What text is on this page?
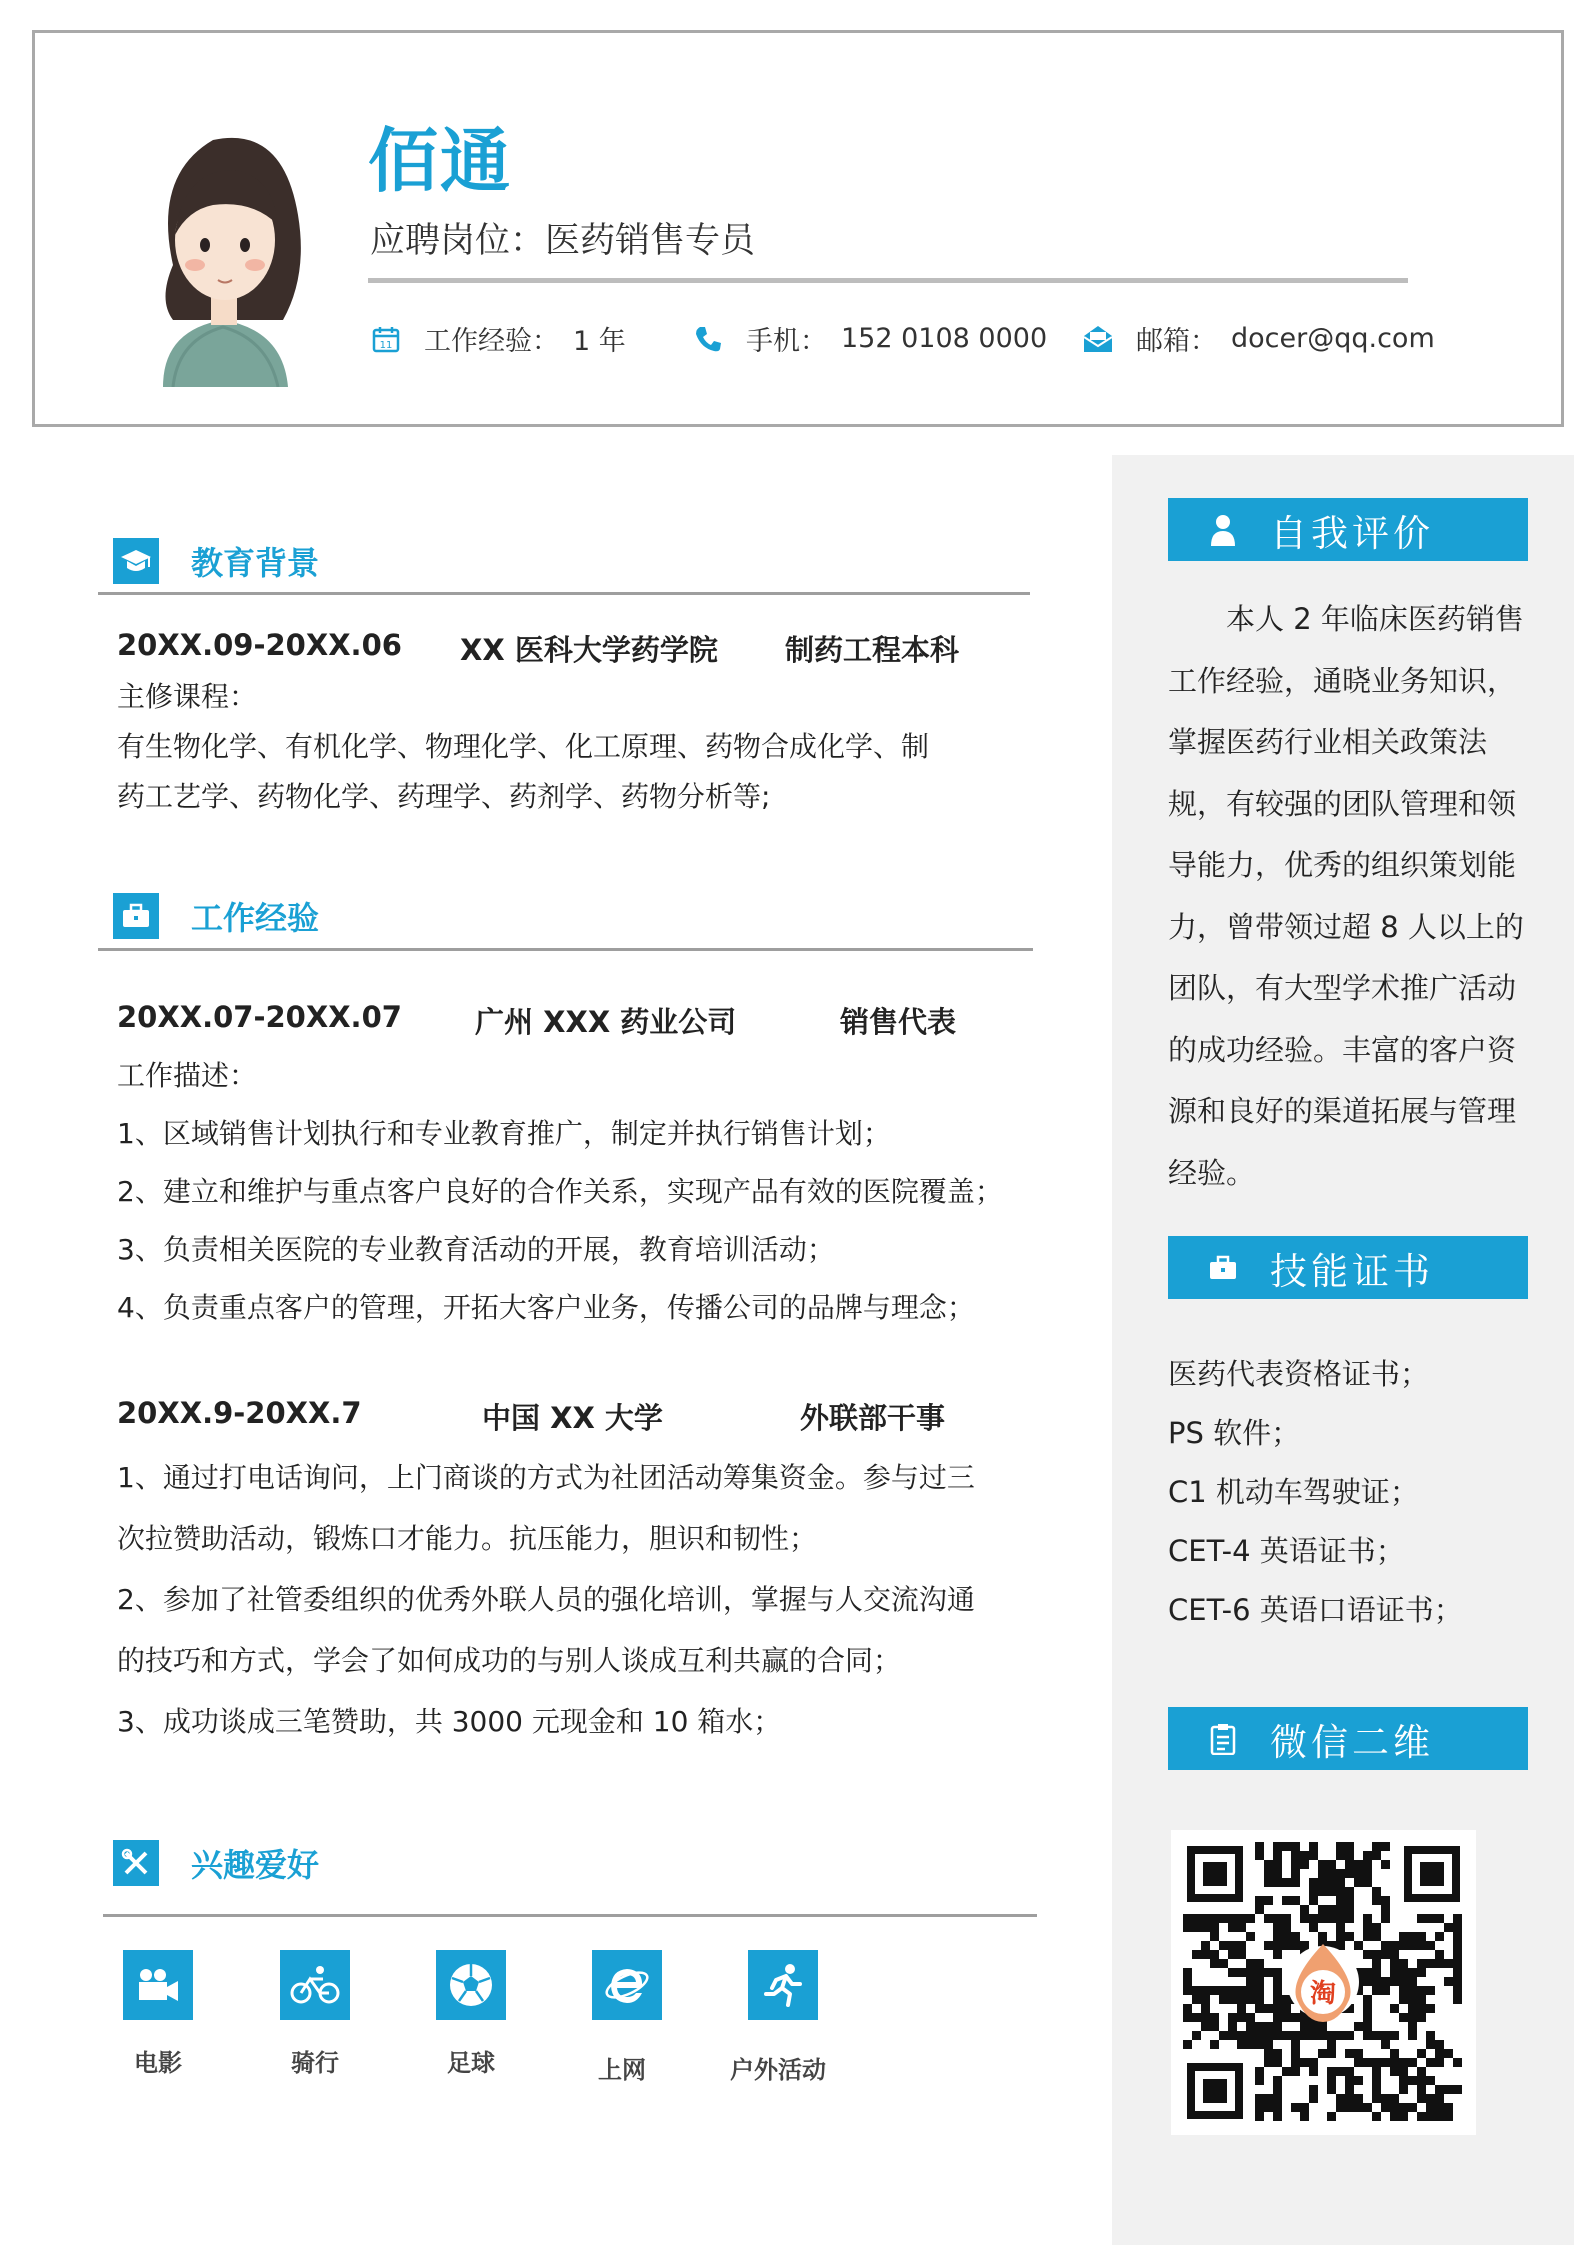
佰通
应聘岗位：医药销售专员
11 工作经验： 1 年	手机： 152 0108 0000	邮箱： docer@qq.com
教育背景
20XX.09-20XX.06 XX 医科大学药学院 制药工程本科
主修课程：
有生物化学、有机化学、物理化学、化工原理、药物合成化学、制
药工艺学、药物化学、药理学、药剂学、药物分析等;
工作经验
20XX.07-20XX.07	广州 XXX 药业公司	销售代表
工作描述：
1、区域销售计划执行和专业教育推广，制定并执行销售计划；
2、建立和维护与重点客户良好的合作关系，实现产品有效的医院覆盖；
3、负责相关医院的专业教育活动的开展，教育培训活动；
4、负责重点客户的管理，开拓大客户业务，传播公司的品牌与理念；
20XX.9-20XX.7	中国 XX 大学	外联部干事
1、通过打电话询问，上门商谈的方式为社团活动筹集资金。参与过三
次拉赞助活动，锻炼口才能力。抗压能力，胆识和韧性；
2、参加了社管委组织的优秀外联人员的强化培训，掌握与人交流沟通
的技巧和方式，学会了如何成功的与别人谈成互利共赢的合同；
3、成功谈成三笔赞助，共 3000 元现金和 10 箱水；
兴趣爱好
电影	骑行	足球	上网	户外活动
自我评价
　　本人 2 年临床医药销售
工作经验，通晓业务知识，
掌握医药行业相关政策法
规，有较强的团队管理和领
导能力，优秀的组织策划能
力，曾带领过超 8 人以上的
团队，有大型学术推广活动
的成功经验。丰富的客户资
源和良好的渠道拓展与管理
经验。
技能证书
医药代表资格证书；
PS 软件；
C1 机动车驾驶证；
CET-4 英语证书；
CET-6 英语口语证书；
微信二维
淘
